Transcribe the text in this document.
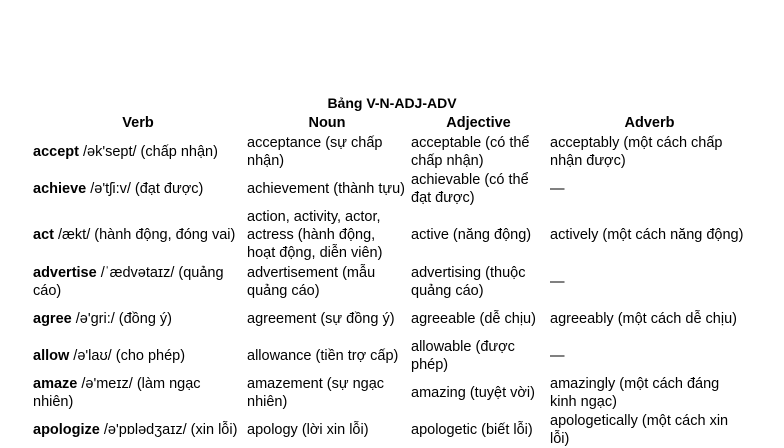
Bảng V-N-ADJ-ADV
Verb	Noun	Adjective	Adverb
accept /ək'sept/ (chấp nhận)	acceptance (sự chấp nhận)	acceptable (có thể chấp nhận)	acceptably (một cách chấp nhận được)
achieve /ə'tʃi:v/ (đạt được)	achievement (thành tựu)	achievable (có thể đạt được)	—
act /ækt/ (hành động, đóng vai)	action, activity, actor, actress (hành động, hoạt động, diễn viên)	active (năng động)	actively (một cách năng động)
advertise /ˈædvətaɪz/ (quảng cáo)	advertisement (mẫu quảng cáo)	advertising (thuộc quảng cáo)	—
agree /ə'gri:/ (đồng ý)	agreement (sự đồng ý)	agreeable (dễ chịu)	agreeably (một cách dễ chịu)
allow /ə'laʊ/ (cho phép)	allowance (tiền trợ cấp)	allowable (được phép)	—
amaze /ə'meɪz/ (làm ngạc nhiên)	amazement (sự ngạc nhiên)	amazing (tuyệt vời)	amazingly (một cách đáng kinh ngạc)
apologize /ə'pɒlədʒaɪz/ (xin lỗi)	apology (lời xin lỗi)	apologetic (biết lỗi)	apologetically (một cách xin lỗi)
